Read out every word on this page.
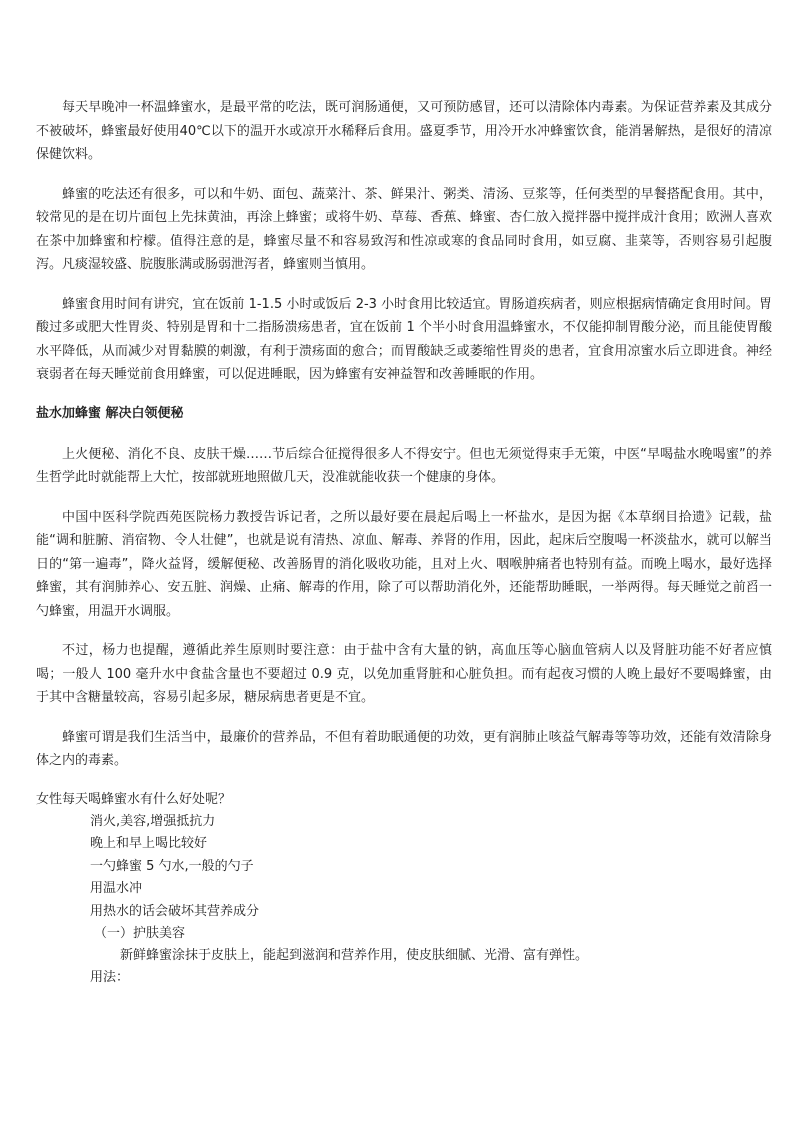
每天早晚冲一杯温蜂蜜水，是最平常的吃法，既可润肠通便，又可预防感冒，还可以清除体内毒素。为保证营养素及其成分不被破坏，蜂蜜最好使用40℃以下的温开水或凉开水稀释后食用。盛夏季节，用冷开水冲蜂蜜饮食，能消暑解热，是很好的清凉保健饮料。

蜂蜜的吃法还有很多，可以和牛奶、面包、蔬菜汁、茶、鲜果汁、粥类、清汤、豆浆等，任何类型的早餐搭配食用。其中，较常见的是在切片面包上先抹黄油，再涂上蜂蜜；或将牛奶、草莓、香蕉、蜂蜜、杏仁放入搅拌器中搅拌成汁食用；欧洲人喜欢在茶中加蜂蜜和柠檬。值得注意的是，蜂蜜尽量不和容易致泻和性凉或寒的食品同时食用，如豆腐、韭菜等，否则容易引起腹泻。凡痰湿较盛、脘腹胀满或肠弱泄泻者，蜂蜜则当慎用。

蜂蜜食用时间有讲究，宜在饭前 1-1.5 小时或饭后 2-3 小时食用比较适宜。胃肠道疾病者，则应根据病情确定食用时间。胃酸过多或肥大性胃炎、特别是胃和十二指肠溃疡患者，宜在饭前 1 个半小时食用温蜂蜜水，不仅能抑制胃酸分泌，而且能使胃酸水平降低，从而减少对胃黏膜的刺激，有利于溃疡面的愈合；而胃酸缺乏或萎缩性胃炎的患者，宜食用凉蜜水后立即进食。神经衰弱者在每天睡觉前食用蜂蜜，可以促进睡眠，因为蜂蜜有安神益智和改善睡眠的作用。

盐水加蜂蜜 解决白领便秘

上火便秘、消化不良、皮肤干燥……节后综合征搅得很多人不得安宁。但也无须觉得束手无策，中医“早喝盐水晚喝蜜”的养生哲学此时就能帮上大忙，按部就班地照做几天，没准就能收获一个健康的身体。

中国中医科学院西苑医院杨力教授告诉记者，之所以最好要在晨起后喝上一杯盐水，是因为据《本草纲目拾遗》记载，盐能“调和脏腑、消宿物、令人壮健”，也就是说有清热、凉血、解毒、养肾的作用，因此，起床后空腹喝一杯淡盐水，就可以解当日的“第一遍毒”，降火益肾，缓解便秘、改善肠胃的消化吸收功能，且对上火、咽喉肿痛者也特别有益。而晚上喝水，最好选择蜂蜜，其有润肺养心、安五脏、润燥、止痛、解毒的作用，除了可以帮助消化外，还能帮助睡眠，一举两得。每天睡觉之前舀一勺蜂蜜，用温开水调服。

不过，杨力也提醒，遵循此养生原则时要注意：由于盐中含有大量的钠，高血压等心脑血管病人以及肾脏功能不好者应慎喝；一般人 100 毫升水中食盐含量也不要超过 0.9 克，以免加重肾脏和心脏负担。而有起夜习惯的人晚上最好不要喝蜂蜜，由于其中含糖量较高，容易引起多尿，糖尿病患者更是不宜。

蜂蜜可谓是我们生活当中，最廉价的营养品，不但有着助眠通便的功效，更有润肺止咳益气解毒等等功效，还能有效清除身体之内的毒素。

女性每天喝蜂蜜水有什么好处呢？

消火,美容,增强抵抗力
晚上和早上喝比较好
一勺蜂蜜 5 勺水,一般的勺子
用温水冲
用热水的话会破坏其营养成分
（一）护肤美容
新鲜蜂蜜涂抹于皮肤上，能起到滋润和营养作用，使皮肤细腻、光滑、富有弹性。
用法：
